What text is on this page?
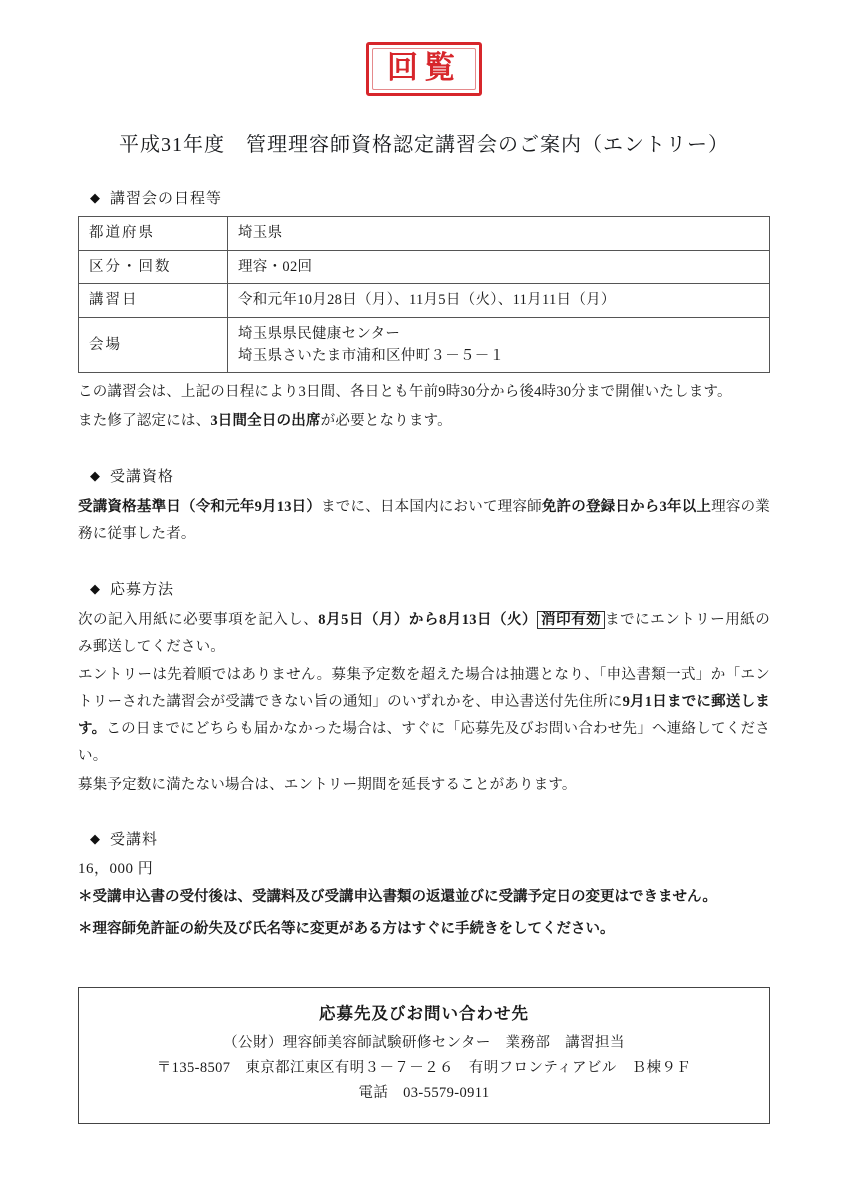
回覧
平成31年度　管理理容師資格認定講習会のご案内（エントリー）
◆ 講習会の日程等
都道府県	埼玉県

区分・回数	理容・02回

講習日	令和元年10月28日（月）、11月5日（火）、11月11日（月）

会場	埼玉県県民健康センター
埼玉県さいたま市浦和区仲町３－５－１

この講習会は、上記の日程により3日間、各日とも午前9時30分から後4時30分まで開催いたします。

また修了認定には、3日間全日の出席が必要となります。

◆ 受講資格

受講資格基準日（令和元年9月13日）までに、日本国内において理容師免許の登録日から3年以上理容の業務に従事した者。

◆ 応募方法

次の記入用紙に必要事項を記入し、8月5日（月）から8月13日（火） 消印有効 までにエントリー用紙のみ郵送してください。

エントリーは先着順ではありません。募集予定数を超えた場合は抽選となり、「申込書類一式」か「エントリーされた講習会が受講できない旨の通知」のいずれかを、申込書送付先住所に9月1日までに郵送します。この日までにどちらも届かなかった場合は、すぐに「応募先及びお問い合わせ先」へ連絡してください。

募集予定数に満たない場合は、エントリー期間を延長することがあります。

◆ 受講料
16，000 円

＊受講申込書の受付後は、受講料及び受講申込書類の返還並びに受講予定日の変更はできません。

＊理容師免許証の紛失及び氏名等に変更がある方はすぐに手続きをしてください。

応募先及びお問い合わせ先
（公財）理容師美容師試験研修センター　業務部　講習担当
〒135-8507　東京都江東区有明３－７－２６　有明フロンティアビル　Ｂ棟９Ｆ
電話　03-5579-0911
